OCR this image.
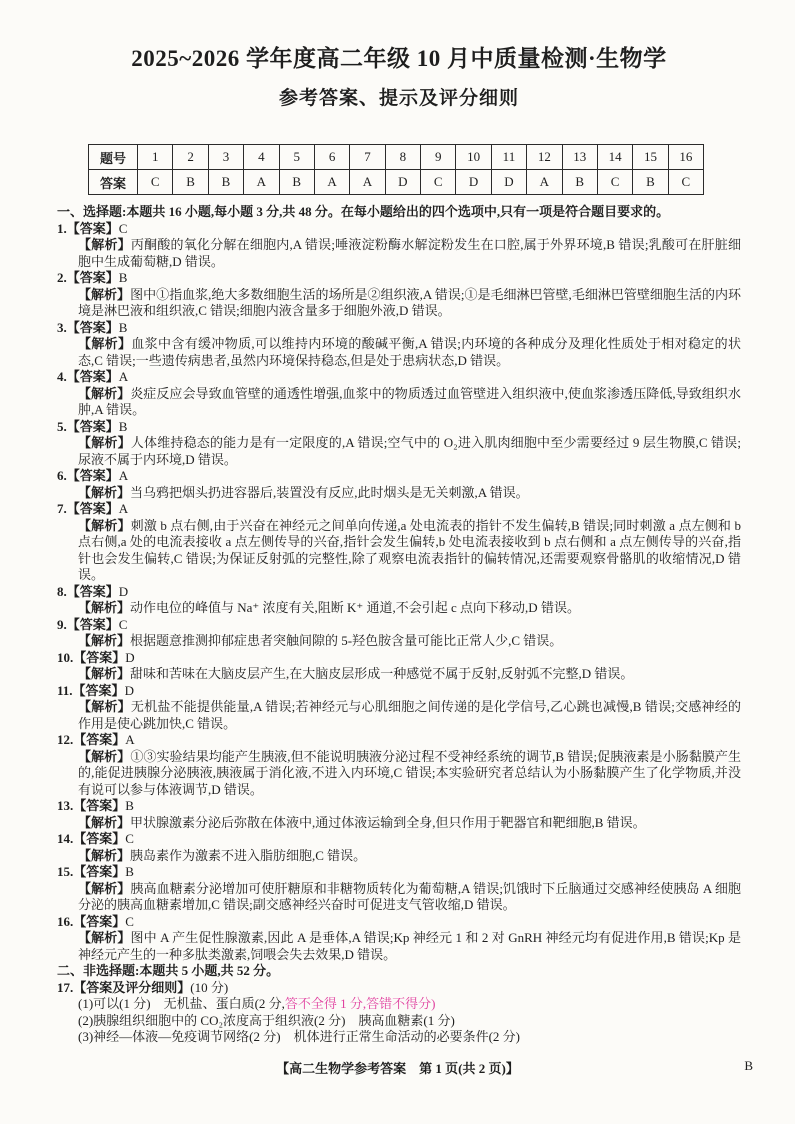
2025~2026 学年度高二年级 10 月中质量检测·生物学
参考答案、提示及评分细则
题号	1	2	3	4	5	6	7	8	9	10	11	12	13	14	15	16
答案	C	B	B	A	B	A	A	D	C	D	D	A	B	C	B	C

一、选择题:本题共 16 小题,每小题 3 分,共 48 分。在每小题给出的四个选项中,只有一项是符合题目要求的。

1.【答案】C

【解析】丙酮酸的氧化分解在细胞内,A 错误;唾液淀粉酶水解淀粉发生在口腔,属于外界环境,B 错误;乳酸可在肝脏细胞中生成葡萄糖,D 错误。

2.【答案】B

【解析】图中①指血浆,绝大多数细胞生活的场所是②组织液,A 错误;①是毛细淋巴管壁,毛细淋巴管壁细胞生活的内环境是淋巴液和组织液,C 错误;细胞内液含量多于细胞外液,D 错误。

3.【答案】B

【解析】血浆中含有缓冲物质,可以维持内环境的酸碱平衡,A 错误;内环境的各种成分及理化性质处于相对稳定的状态,C 错误;一些遗传病患者,虽然内环境保持稳态,但是处于患病状态,D 错误。

4.【答案】A

【解析】炎症反应会导致血管壁的通透性增强,血浆中的物质透过血管壁进入组织液中,使血浆渗透压降低,导致组织水肿,A 错误。

5.【答案】B

【解析】人体维持稳态的能力是有一定限度的,A 错误;空气中的 O₂进入肌肉细胞中至少需要经过 9 层生物膜,C 错误;尿液不属于内环境,D 错误。

6.【答案】A

【解析】当乌鸦把烟头扔进容器后,装置没有反应,此时烟头是无关刺激,A 错误。

7.【答案】A

【解析】刺激 b 点右侧,由于兴奋在神经元之间单向传递,a 处电流表的指针不发生偏转,B 错误;同时刺激 a 点左侧和 b 点右侧,a 处的电流表接收 a 点左侧传导的兴奋,指针会发生偏转,b 处电流表接收到 b 点右侧和 a 点左侧传导的兴奋,指针也会发生偏转,C 错误;为保证反射弧的完整性,除了观察电流表指针的偏转情况,还需要观察骨骼肌的收缩情况,D 错误。

8.【答案】D

【解析】动作电位的峰值与 Na⁺ 浓度有关,阻断 K⁺ 通道,不会引起 c 点向下移动,D 错误。

9.【答案】C

【解析】根据题意推测抑郁症患者突触间隙的 5-羟色胺含量可能比正常人少,C 错误。

10.【答案】D

【解析】甜味和苦味在大脑皮层产生,在大脑皮层形成一种感觉不属于反射,反射弧不完整,D 错误。

11.【答案】D

【解析】无机盐不能提供能量,A 错误;若神经元与心肌细胞之间传递的是化学信号,乙心跳也减慢,B 错误;交感神经的作用是使心跳加快,C 错误。

12.【答案】A

【解析】①③实验结果均能产生胰液,但不能说明胰液分泌过程不受神经系统的调节,B 错误;促胰液素是小肠黏膜产生的,能促进胰腺分泌胰液,胰液属于消化液,不进入内环境,C 错误;本实验研究者总结认为小肠黏膜产生了化学物质,并没有说可以参与体液调节,D 错误。

13.【答案】B

【解析】甲状腺激素分泌后弥散在体液中,通过体液运输到全身,但只作用于靶器官和靶细胞,B 错误。

14.【答案】C

【解析】胰岛素作为激素不进入脂肪细胞,C 错误。

15.【答案】B

【解析】胰高血糖素分泌增加可使肝糖原和非糖物质转化为葡萄糖,A 错误;饥饿时下丘脑通过交感神经使胰岛 A 细胞分泌的胰高血糖素增加,C 错误;副交感神经兴奋时可促进支气管收缩,D 错误。

16.【答案】C

【解析】图中 A 产生促性腺激素,因此 A 是垂体,A 错误;Kp 神经元 1 和 2 对 GnRH 神经元均有促进作用,B 错误;Kp 是神经元产生的一种多肽类激素,饲喂会失去效果,D 错误。

二、非选择题:本题共 5 小题,共 52 分。

17.【答案及评分细则】(10 分)

(1)可以(1 分)　无机盐、蛋白质(2 分,答不全得 1 分,答错不得分)

(2)胰腺组织细胞中的 CO₂浓度高于组织液(2 分)　胰高血糖素(1 分)

(3)神经—体液—免疫调节网络(2 分)　机体进行正常生命活动的必要条件(2 分)

【高二生物学参考答案　第 1 页(共 2 页)】	B
